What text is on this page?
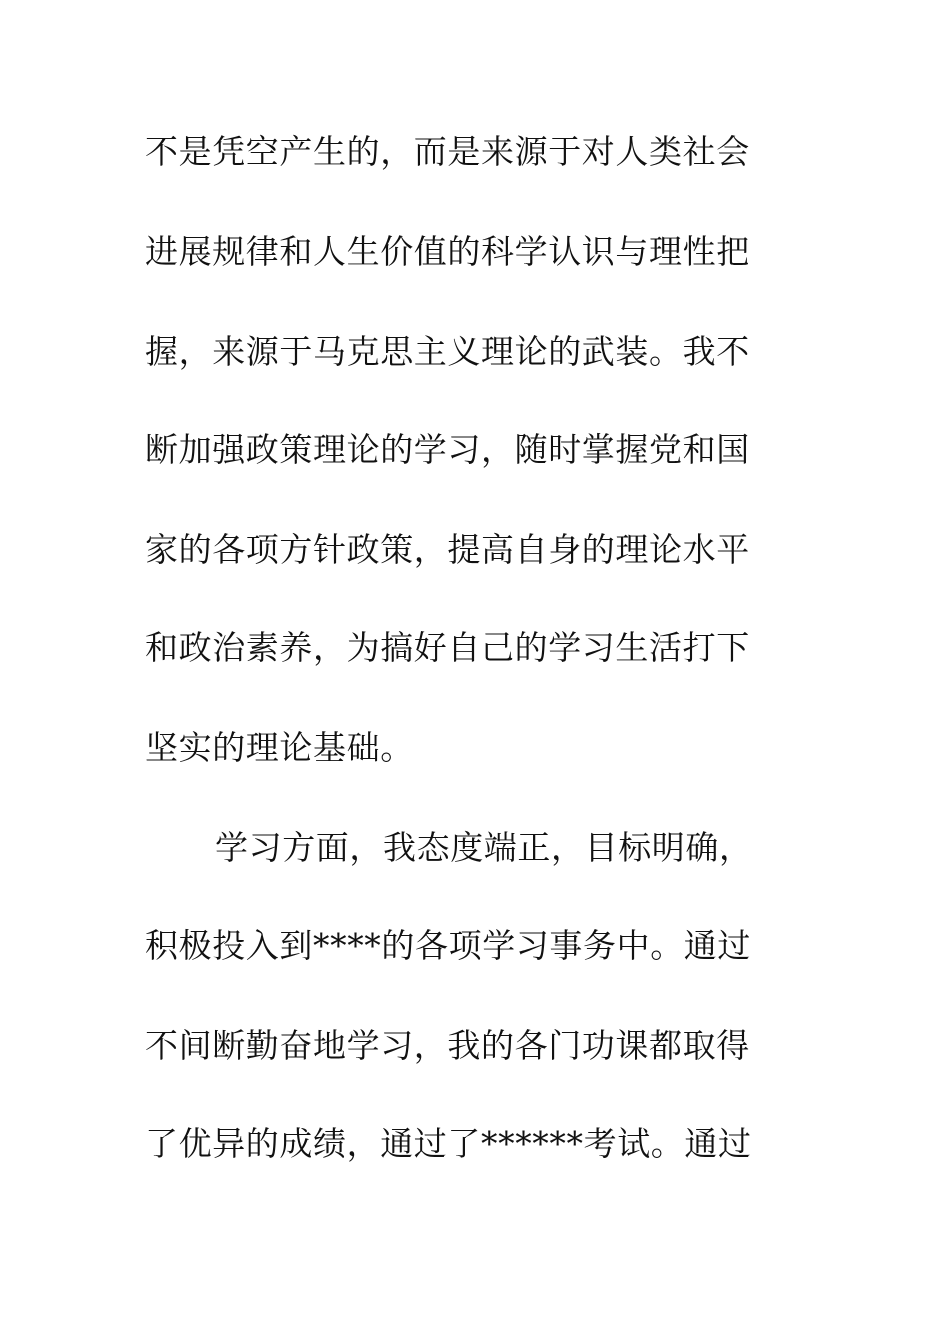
不是凭空产生的，而是来源于对人类社会
进展规律和人生价值的科学认识与理性把
握，来源于马克思主义理论的武装。我不
断加强政策理论的学习，随时掌握党和国
家的各项方针政策，提高自身的理论水平
和政治素养，为搞好自己的学习生活打下
坚实的理论基础。
学习方面，我态度端正，目标明确，
积极投入到****的各项学习事务中。通过
不间断勤奋地学习，我的各门功课都取得
了优异的成绩，通过了******考试。通过
